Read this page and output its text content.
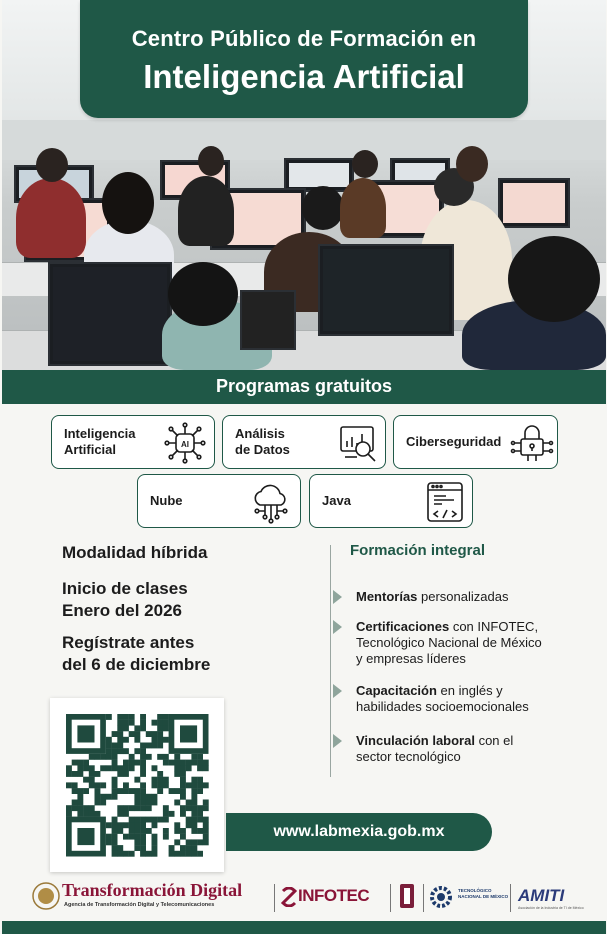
Centro Público de Formación en
Inteligencia Artificial
Programas gratuitos
Inteligencia
Artificial	AI
Análisis
de Datos
Ciberseguridad
Nube	Java
Modalidad híbrida
Inicio de clases
Enero del 2026
Regístrate antes
del 6 de diciembre
Formación integral
Mentorías personalizadas
Certificaciones con INFOTEC,
Tecnológico Nacional de México
y empresas líderes
Capacitación en inglés y
habilidades socioemocionales
Vinculación laboral con el
sector tecnológico
www.labmexia.gob.mx
Transformación Digital
Agencia de Transformación Digital y Telecomunicaciones	INFOTEC	TECNOLÓGICO
NACIONAL DE MÉXICO AMITI
Asociación de la Industria de TI de México
